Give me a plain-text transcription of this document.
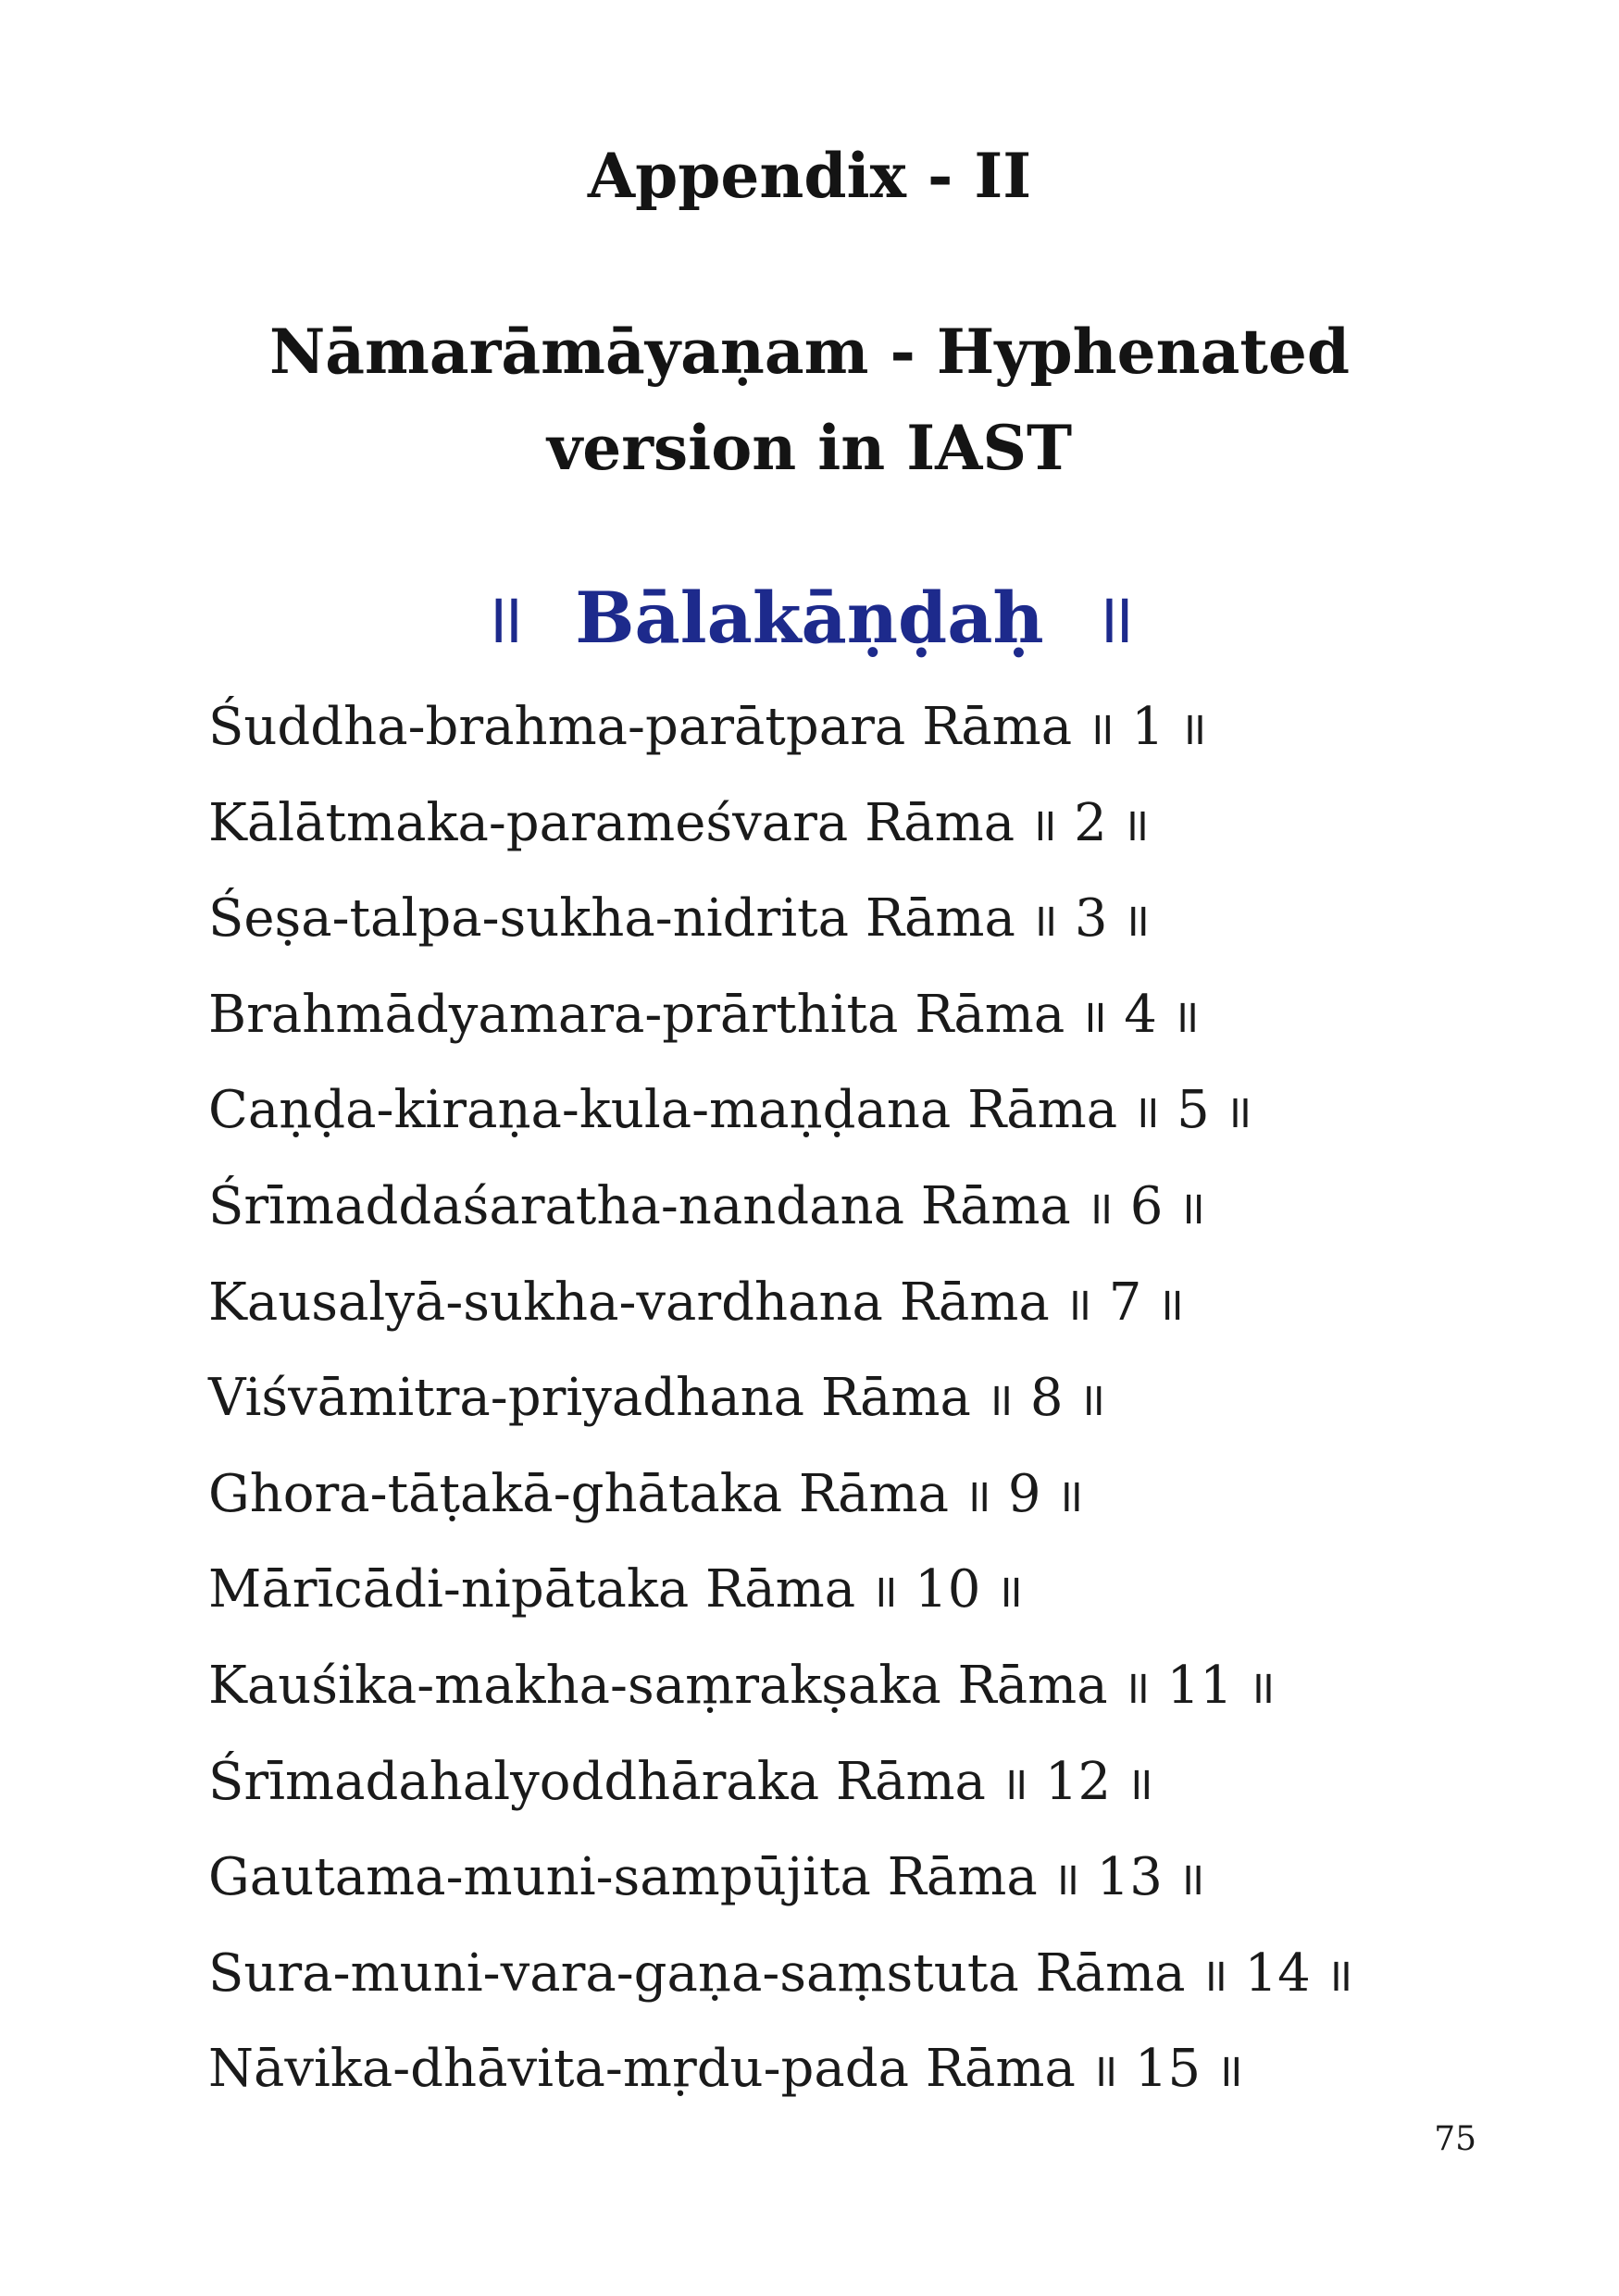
Appendix - II
Nāmarāmāyaṇam - Hyphenated
version in IAST
॥ Bālakāṇḍaḥ ॥
Śuddha-brahma-parātpara Rāma ॥ 1 ॥
Kālātmaka-parameśvara Rāma ॥ 2 ॥
Śeṣa-talpa-sukha-nidrita Rāma ॥ 3 ॥
Brahmādyamara-prārthita Rāma ॥ 4 ॥
Caṇḍa-kiraṇa-kula-maṇḍana Rāma ॥ 5 ॥
Śrīmaddaśaratha-nandana Rāma ॥ 6 ॥
Kausalyā-sukha-vardhana Rāma ॥ 7 ॥
Viśvāmitra-priyadhana Rāma ॥ 8 ॥
Ghora-tāṭakā-ghātaka Rāma ॥ 9 ॥
Mārīcādi-nipātaka Rāma ॥ 10 ॥
Kauśika-makha-saṃrakṣaka Rāma ॥ 11 ॥
Śrīmadahalyoddhāraka Rāma ॥ 12 ॥
Gautama-muni-sampūjita Rāma ॥ 13 ॥
Sura-muni-vara-gaṇa-saṃstuta Rāma ॥ 14 ॥
Nāvika-dhāvita-mṛdu-pada Rāma ॥ 15 ॥
75
